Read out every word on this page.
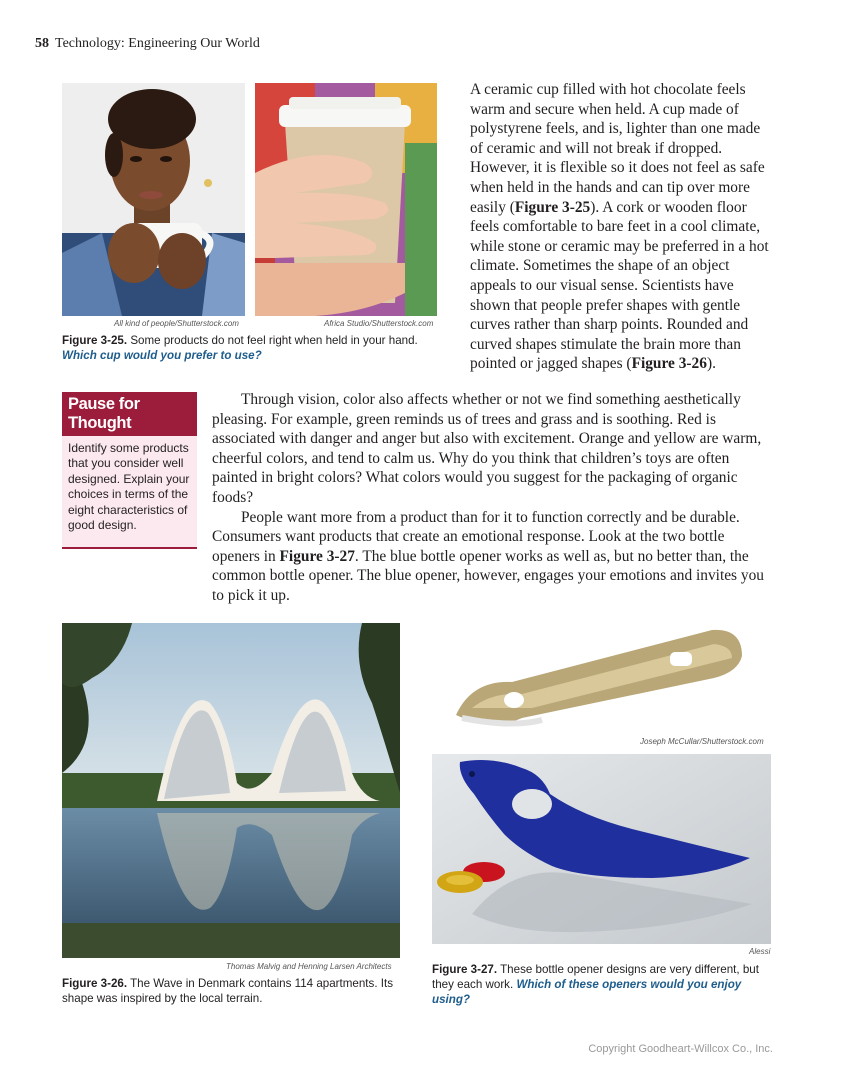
58 Technology: Engineering Our World
All kind of people/Shutterstock.com	Africa Studio/Shutterstock.com
Figure 3-25. Some products do not feel right when held in your hand. Which cup would you prefer to use?

A ceramic cup filled with hot chocolate feels warm and secure when held. A cup made of polystyrene feels, and is, lighter than one made of ceramic and will not break if dropped. However, it is flexible so it does not feel as safe when held in the hands and can tip over more easily (Figure 3-25). A cork or wooden floor feels comfortable to bare feet in a cool climate, while stone or ceramic may be preferred in a hot climate. Sometimes the shape of an object appeals to our visual sense. Scientists have shown that people prefer shapes with gentle curves rather than sharp points. Rounded and curved shapes stimulate the brain more than pointed or jagged shapes (Figure 3-26).

Pause for Thought
Identify some products that you consider well designed. Explain your choices in terms of the eight characteristics of good design.

Through vision, color also affects whether or not we find something aesthetically pleasing. For example, green reminds us of trees and grass and is soothing. Red is associated with danger and anger but also with excitement. Orange and yellow are warm, cheerful colors, and tend to calm us. Why do you think that children’s toys are often painted in bright colors? What colors would you suggest for the packaging of organic foods?

People want more from a product than for it to function correctly and be durable. Consumers want products that create an emotional response. Look at the two bottle openers in Figure 3-27. The blue bottle opener works as well as, but no better than, the common bottle opener. The blue opener, however, engages your emotions and invites you to pick it up.

Thomas Malvig and Henning Larsen Architects
Figure 3-26. The Wave in Denmark contains 114 apartments. Its shape was inspired by the local terrain.
Joseph McCullar/Shutterstock.com
Alessi
Figure 3-27. These bottle opener designs are very different, but they each work. Which of these openers would you enjoy using?
Copyright Goodheart-Willcox Co., Inc.
